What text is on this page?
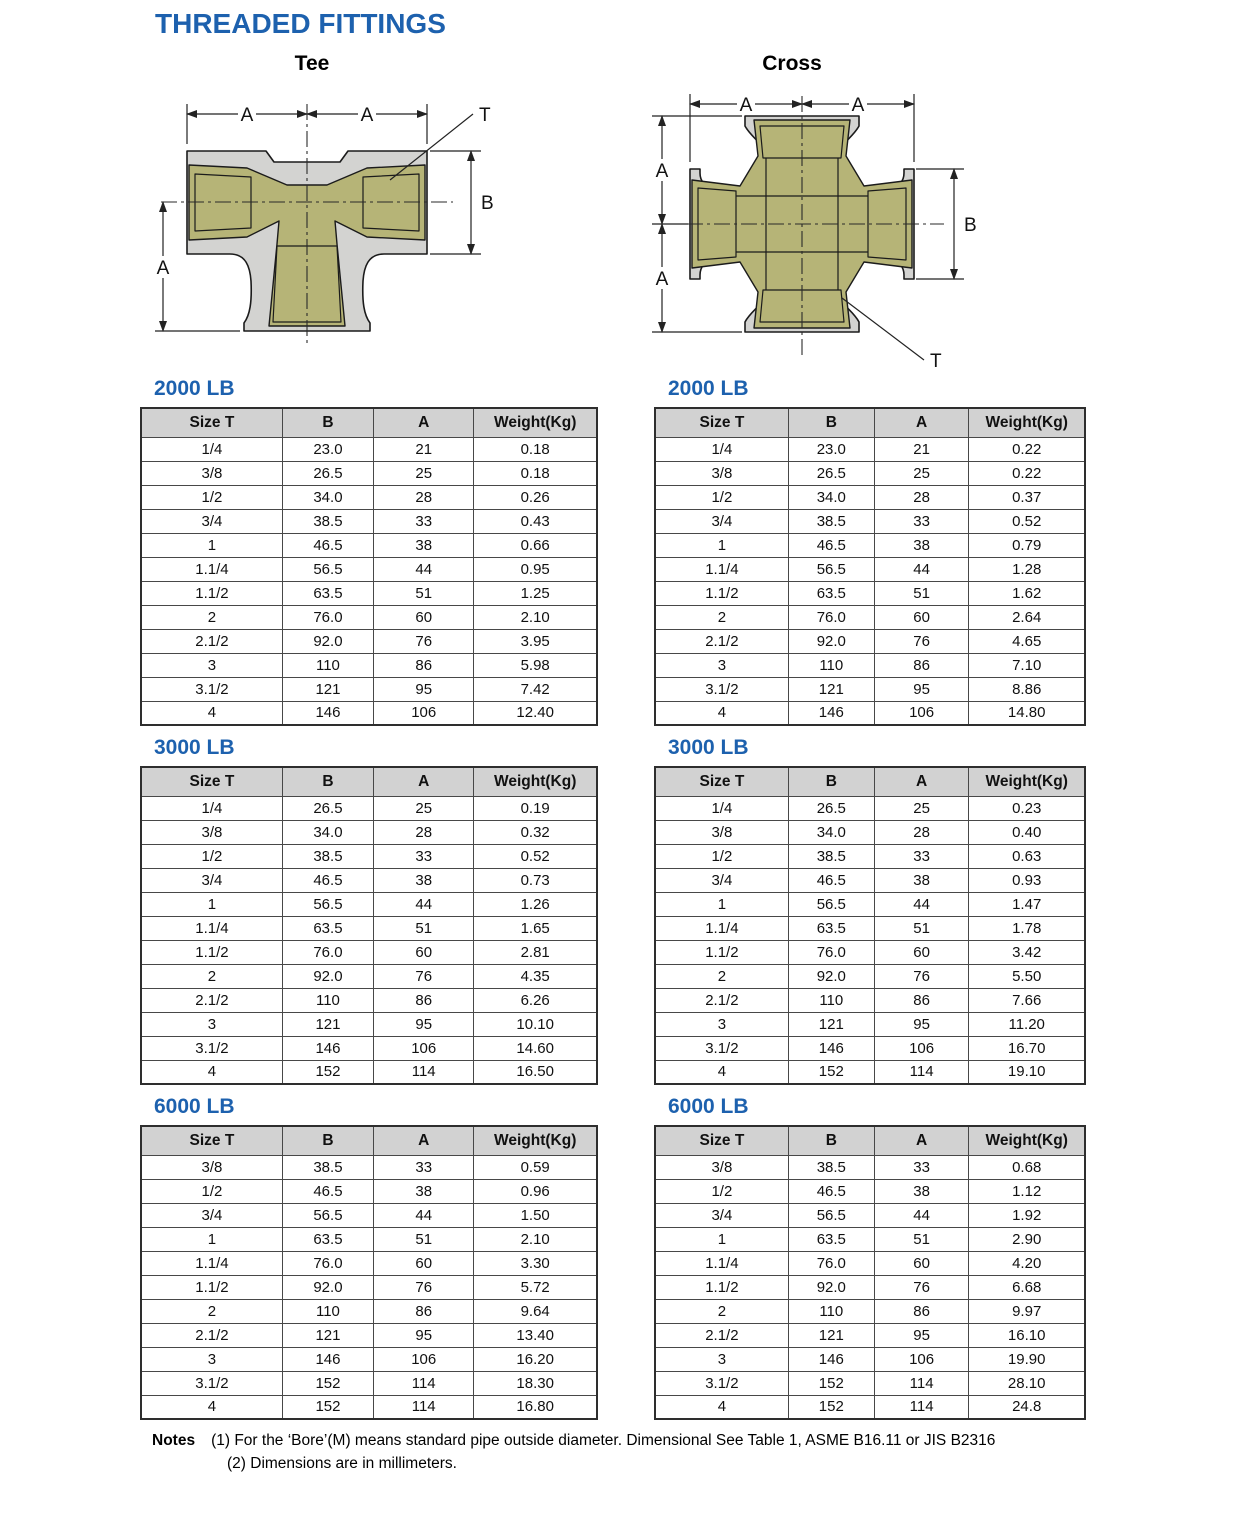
THREADED FITTINGS
Tee	Cross
A	A
B
A
T	A	A
A
A
B
T
2000 LB
Size T	B	A	Weight(Kg)
1/4	23.0	21	0.18
3/8	26.5	25	0.18
1/2	34.0	28	0.26
3/4	38.5	33	0.43
1	46.5	38	0.66
1.1/4	56.5	44	0.95
1.1/2	63.5	51	1.25
2	76.0	60	2.10
2.1/2	92.0	76	3.95
3	110	86	5.98
3.1/2	121	95	7.42
4	146	106	12.40
2000 LB
Size T	B	A	Weight(Kg)
1/4	23.0	21	0.22
3/8	26.5	25	0.22
1/2	34.0	28	0.37
3/4	38.5	33	0.52
1	46.5	38	0.79
1.1/4	56.5	44	1.28
1.1/2	63.5	51	1.62
2	76.0	60	2.64
2.1/2	92.0	76	4.65
3	110	86	7.10
3.1/2	121	95	8.86
4	146	106	14.80
3000 LB
Size T	B	A	Weight(Kg)
1/4	26.5	25	0.19
3/8	34.0	28	0.32
1/2	38.5	33	0.52
3/4	46.5	38	0.73
1	56.5	44	1.26
1.1/4	63.5	51	1.65
1.1/2	76.0	60	2.81
2	92.0	76	4.35
2.1/2	110	86	6.26
3	121	95	10.10
3.1/2	146	106	14.60
4	152	114	16.50
3000 LB
Size T	B	A	Weight(Kg)
1/4	26.5	25	0.23
3/8	34.0	28	0.40
1/2	38.5	33	0.63
3/4	46.5	38	0.93
1	56.5	44	1.47
1.1/4	63.5	51	1.78
1.1/2	76.0	60	3.42
2	92.0	76	5.50
2.1/2	110	86	7.66
3	121	95	11.20
3.1/2	146	106	16.70
4	152	114	19.10
6000 LB
Size T	B	A	Weight(Kg)
3/8	38.5	33	0.59
1/2	46.5	38	0.96
3/4	56.5	44	1.50
1	63.5	51	2.10
1.1/4	76.0	60	3.30
1.1/2	92.0	76	5.72
2	110	86	9.64
2.1/2	121	95	13.40
3	146	106	16.20
3.1/2	152	114	18.30
4	152	114	16.80
6000 LB
Size T	B	A	Weight(Kg)
3/8	38.5	33	0.68
1/2	46.5	38	1.12
3/4	56.5	44	1.92
1	63.5	51	2.90
1.1/4	76.0	60	4.20
1.1/2	92.0	76	6.68
2	110	86	9.97
2.1/2	121	95	16.10
3	146	106	19.90
3.1/2	152	114	28.10
4	152	114	24.8
Notes (1) For the ‘Bore’(M) means standard pipe outside diameter. Dimensional See Table 1, ASME B16.11 or JIS B2316
(2) Dimensions are in millimeters.
